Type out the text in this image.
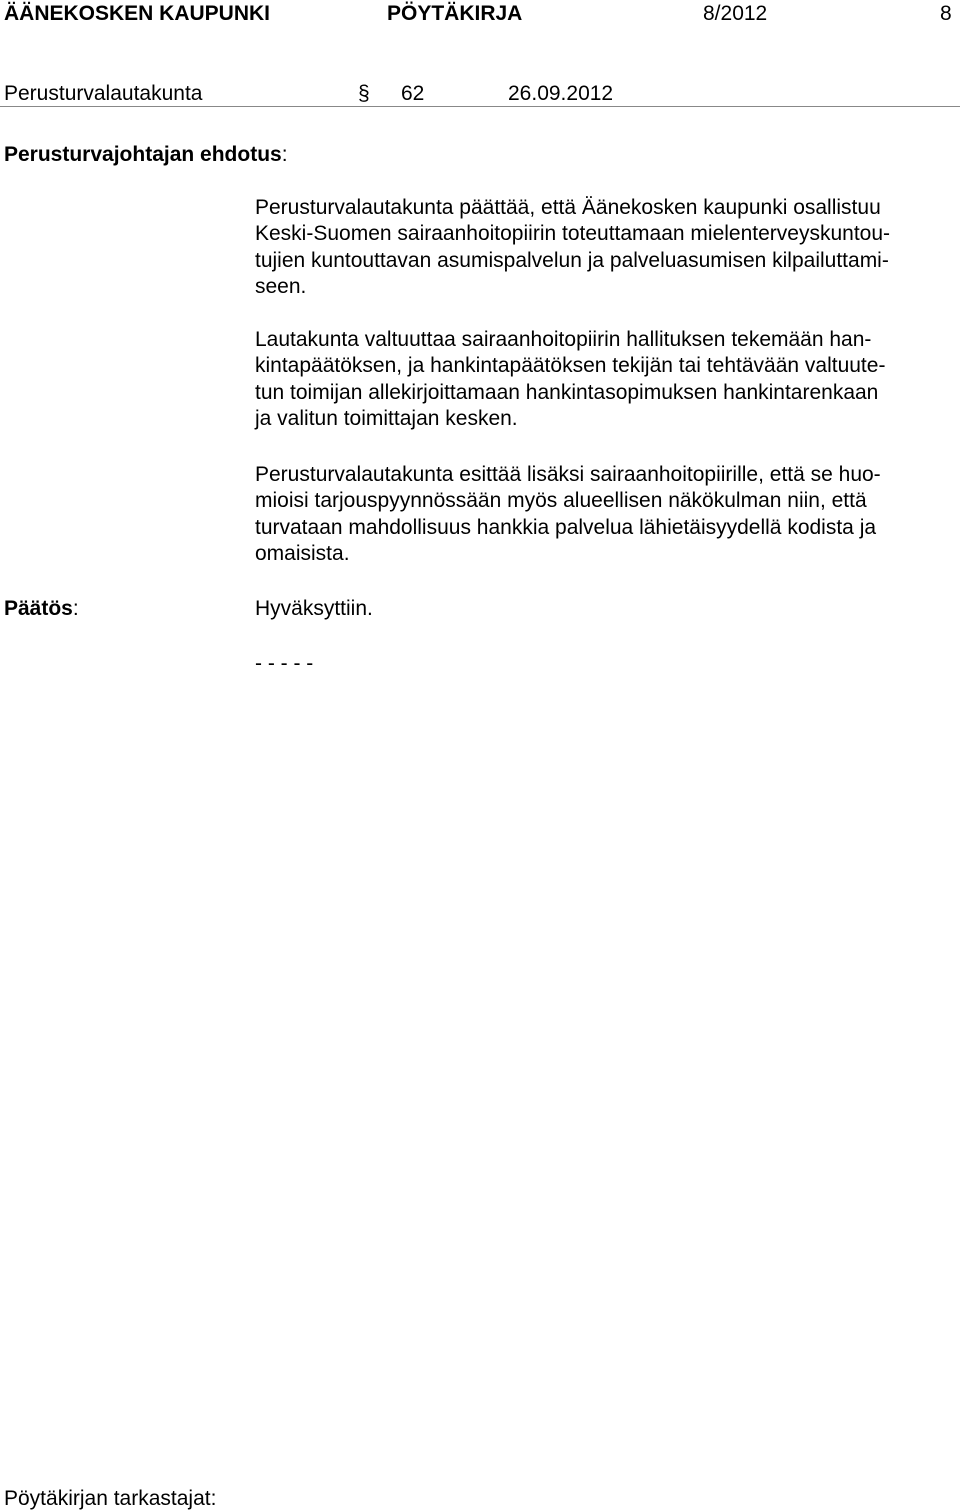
ÄÄNEKOSKEN KAUPUNKI	PÖYTÄKIRJA	8/2012	8
Perusturvalautakunta	§ 62	26.09.2012
Perusturvajohtajan ehdotus:
Perusturvalautakunta päättää, että Äänekosken kaupunki osallistuu
Keski-Suomen sairaanhoitopiirin toteuttamaan mielenterveyskuntou-
tujien kuntouttavan asumispalvelun ja palveluasumisen kilpailuttami-
seen.
Lautakunta valtuuttaa sairaanhoitopiirin hallituksen tekemään han-
kintapäätöksen, ja hankintapäätöksen tekijän tai tehtävään valtuute-
tun toimijan allekirjoittamaan hankintasopimuksen hankintarenkaan
ja valitun toimittajan kesken.
Perusturvalautakunta esittää lisäksi sairaanhoitopiirille, että se huo-
mioisi tarjouspyynnössään myös alueellisen näkökulman niin, että
turvataan mahdollisuus hankkia palvelua lähietäisyydellä kodista ja
omaisista.
Päätös:	Hyväksyttiin.
- - - - -
Pöytäkirjan tarkastajat:
